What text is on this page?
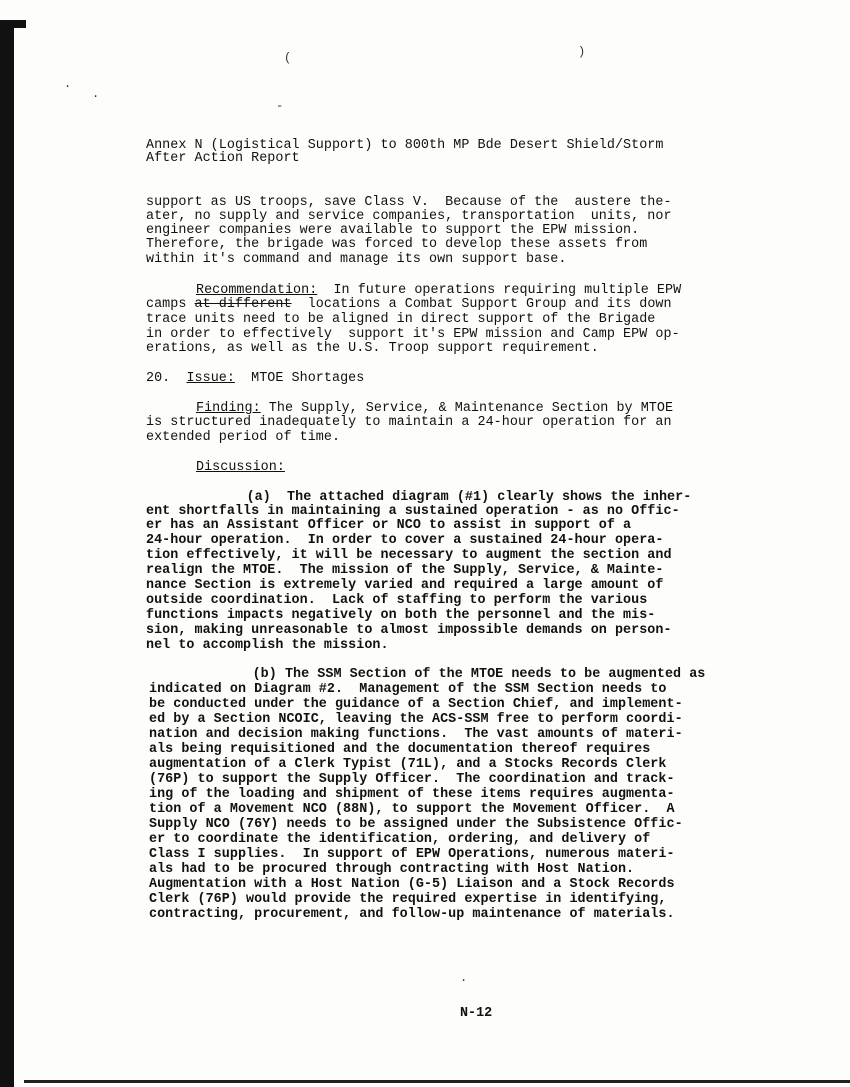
(	)
-
.
.

Annex N (Logistical Support) to 800th MP Bde Desert Shield/Storm

After Action Report

support as US troops, save Class V.  Because of the  austere the-

ater, no supply and service companies, transportation  units, nor

engineer companies were available to support the EPW mission.

Therefore, the brigade was forced to develop these assets from

within it's command and manage its own support base.

Recommendation:  In future operations requiring multiple EPW

camps at different  locations a Combat Support Group and its down

trace units need to be aligned in direct support of the Brigade

in order to effectively  support it's EPW mission and Camp EPW op-

erations, as well as the U.S. Troop support requirement.

20.  Issue:  MTOE Shortages

Finding: The Supply, Service, & Maintenance Section by MTOE

is structured inadequately to maintain a 24-hour operation for an

extended period of time.

Discussion:

(a)  The attached diagram (#1) clearly shows the inher-

ent shortfalls in maintaining a sustained operation - as no Offic-

er has an Assistant Officer or NCO to assist in support of a

24-hour operation.  In order to cover a sustained 24-hour opera-

tion effectively, it will be necessary to augment the section and

realign the MTOE.  The mission of the Supply, Service, & Mainte-

nance Section is extremely varied and required a large amount of

outside coordination.  Lack of staffing to perform the various

functions impacts negatively on both the personnel and the mis-

sion, making unreasonable to almost impossible demands on person-

nel to accomplish the mission.

(b) The SSM Section of the MTOE needs to be augmented as

indicated on Diagram #2.  Management of the SSM Section needs to

be conducted under the guidance of a Section Chief, and implement-

ed by a Section NCOIC, leaving the ACS-SSM free to perform coordi-

nation and decision making functions.  The vast amounts of materi-

als being requisitioned and the documentation thereof requires

augmentation of a Clerk Typist (71L), and a Stocks Records Clerk

(76P) to support the Supply Officer.  The coordination and track-

ing of the loading and shipment of these items requires augmenta-

tion of a Movement NCO (88N), to support the Movement Officer.  A

Supply NCO (76Y) needs to be assigned under the Subsistence Offic-

er to coordinate the identification, ordering, and delivery of

Class I supplies.  In support of EPW Operations, numerous materi-

als had to be procured through contracting with Host Nation.

Augmentation with a Host Nation (G-5) Liaison and a Stock Records

Clerk (76P) would provide the required expertise in identifying,

contracting, procurement, and follow-up maintenance of materials.

.

N-12
